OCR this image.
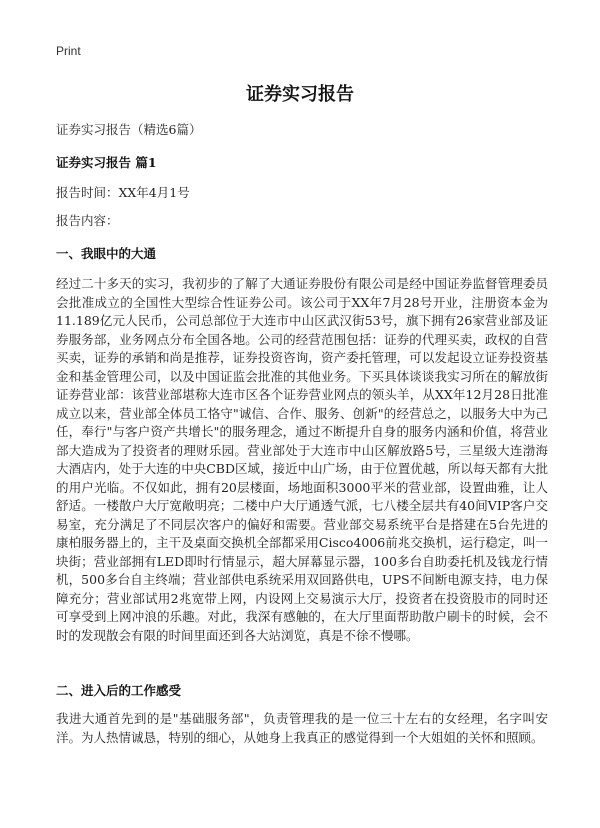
Print
证券实习报告

证券实习报告（精选6篇）

证券实习报告 篇1

报告时间：XX年4月1号

报告内容：

一、我眼中的大通

经过二十多天的实习，我初步的了解了大通证券股份有限公司是经中国证券监督管理委员会批准成立的全国性大型综合性证券公司。该公司于XX年7月28号开业，注册资本金为11.189亿元人民币，公司总部位于大连市中山区武汉街53号，旗下拥有26家营业部及证券服务部，业务网点分布全国各地。公司的经营范围包括：证券的代理买卖，政权的自营买卖，证券的承销和尚是推荐，证券投资咨询，资产委托管理，可以发起设立证券投资基金和基金管理公司，以及中国证监会批准的其他业务。下买具体谈谈我实习所在的解放街证券营业部：该营业部堪称大连市区各个证券营业网点的领头羊，从XX年12月28日批准成立以来，营业部全体员工恪守"诚信、合作、服务、创新"的经营总之，以服务大中为己任，奉行"与客户资产共增长"的服务理念，通过不断提升自身的服务内涵和价值，将营业部大造成为了投资者的理财乐园。营业部处于大连市中山区解放路5号，三星级大连渤海大酒店内，处于大连的中央CBD区域，接近中山广场，由于位置优越，所以每天都有大批的用户光临。不仅如此，拥有20层楼面，场地面积3000平米的营业部，设置曲雅，让人舒适。一楼散户大厅宽敞明亮；二楼中户大厅通透气派，七八楼全层共有40间VIP客户交易室，充分满足了不同层次客户的偏好和需要。营业部交易系统平台是搭建在5台先进的康柏服务器上的，主干及桌面交换机全部都采用Cisco4006前兆交换机，运行稳定，叫一块街；营业部拥有LED即时行情显示，超大屏幕显示器，100多台自助委托机及钱龙行情机，500多台自主终端；营业部供电系统采用双回路供电，UPS不间断电源支持，电力保障充分；营业部试用2兆宽带上网，内设网上交易演示大厅，投资者在投资股市的同时还可享受到上网冲浪的乐趣。对此，我深有感触的，在大厅里面帮助散户刷卡的时候，会不时的发现散会有限的时间里面还到各大站浏览，真是不徐不慢哪。

二、进入后的工作感受

我进大通首先到的是"基础服务部"，负责管理我的是一位三十左右的女经理，名字叫安洋。为人热情诚恳，特别的细心，从她身上我真正的感觉得到一个大姐姐的关怀和照顾。
